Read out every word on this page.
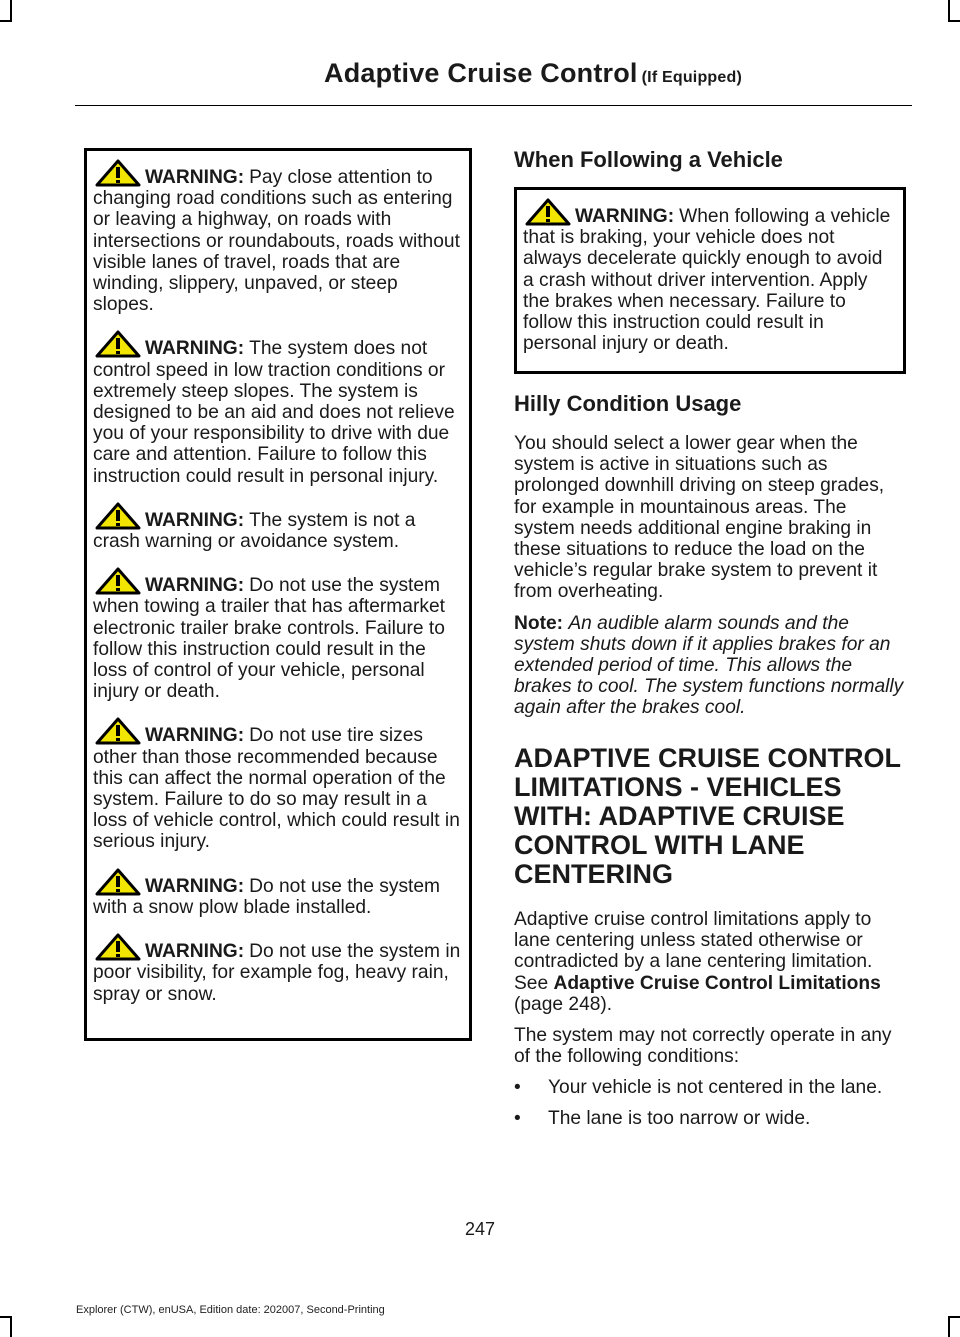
Adaptive Cruise Control (If Equipped)
WARNING: Pay close attention to changing road conditions such as entering or leaving a highway, on roads with intersections or roundabouts, roads without visible lanes of travel, roads that are winding, slippery, unpaved, or steep slopes.
WARNING: The system does not control speed in low traction conditions or extremely steep slopes. The system is designed to be an aid and does not relieve you of your responsibility to drive with due care and attention. Failure to follow this instruction could result in personal injury.
WARNING: The system is not a crash warning or avoidance system.
WARNING: Do not use the system when towing a trailer that has aftermarket electronic trailer brake controls. Failure to follow this instruction could result in the loss of control of your vehicle, personal injury or death.
WARNING: Do not use tire sizes other than those recommended because this can affect the normal operation of the system. Failure to do so may result in a loss of vehicle control, which could result in serious injury.
WARNING: Do not use the system with a snow plow blade installed.
WARNING: Do not use the system in poor visibility, for example fog, heavy rain, spray or snow.
When Following a Vehicle
WARNING: When following a vehicle that is braking, your vehicle does not always decelerate quickly enough to avoid a crash without driver intervention. Apply the brakes when necessary. Failure to follow this instruction could result in personal injury or death.
Hilly Condition Usage

You should select a lower gear when the system is active in situations such as prolonged downhill driving on steep grades, for example in mountainous areas. The system needs additional engine braking in these situations to reduce the load on the vehicle’s regular brake system to prevent it from overheating.

Note: An audible alarm sounds and the system shuts down if it applies brakes for an extended period of time. This allows the brakes to cool. The system functions normally again after the brakes cool.

ADAPTIVE CRUISE CONTROL
LIMITATIONS - VEHICLES
WITH: ADAPTIVE CRUISE
CONTROL WITH LANE
CENTERING

Adaptive cruise control limitations apply to lane centering unless stated otherwise or contradicted by a lane centering limitation. See Adaptive Cruise Control Limitations (page 248).

The system may not correctly operate in any of the following conditions:

• Your vehicle is not centered in the lane.
• The lane is too narrow or wide.
247
Explorer (CTW), enUSA, Edition date: 202007, Second-Printing
